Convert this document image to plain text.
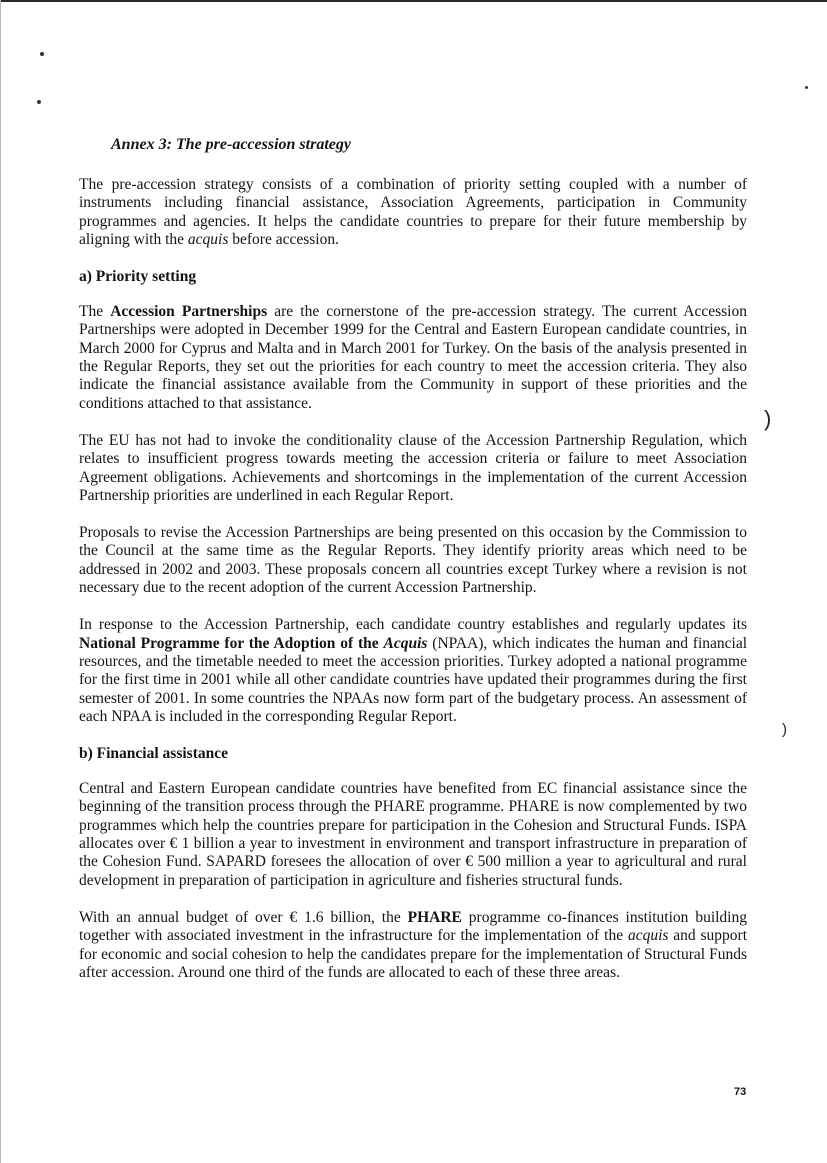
)
)
Annex 3: The pre-accession strategy

The pre-accession strategy consists of a combination of priority setting coupled with a number of instruments including financial assistance, Association Agreements, participation in Community programmes and agencies. It helps the candidate countries to prepare for their future membership by aligning with the acquis before accession.

a) Priority setting

The Accession Partnerships are the cornerstone of the pre-accession strategy. The current Accession Partnerships were adopted in December 1999 for the Central and Eastern European candidate countries, in March 2000 for Cyprus and Malta and in March 2001 for Turkey. On the basis of the analysis presented in the Regular Reports, they set out the priorities for each country to meet the accession criteria. They also indicate the financial assistance available from the Community in support of these priorities and the conditions attached to that assistance.

The EU has not had to invoke the conditionality clause of the Accession Partnership Regulation, which relates to insufficient progress towards meeting the accession criteria or failure to meet Association Agreement obligations. Achievements and shortcomings in the implementation of the current Accession Partnership priorities are underlined in each Regular Report.

Proposals to revise the Accession Partnerships are being presented on this occasion by the Commission to the Council at the same time as the Regular Reports. They identify priority areas which need to be addressed in 2002 and 2003. These proposals concern all countries except Turkey where a revision is not necessary due to the recent adoption of the current Accession Partnership.

In response to the Accession Partnership, each candidate country establishes and regularly updates its National Programme for the Adoption of the Acquis (NPAA), which indicates the human and financial resources, and the timetable needed to meet the accession priorities. Turkey adopted a national programme for the first time in 2001 while all other candidate countries have updated their programmes during the first semester of 2001. In some countries the NPAAs now form part of the budgetary process. An assessment of each NPAA is included in the corresponding Regular Report.

b) Financial assistance

Central and Eastern European candidate countries have benefited from EC financial assistance since the beginning of the transition process through the PHARE programme. PHARE is now complemented by two programmes which help the countries prepare for participation in the Cohesion and Structural Funds. ISPA allocates over € 1 billion a year to investment in environment and transport infrastructure in preparation of the Cohesion Fund. SAPARD foresees the allocation of over € 500 million a year to agricultural and rural development in preparation of participation in agriculture and fisheries structural funds.

With an annual budget of over € 1.6 billion, the PHARE programme co-finances institution building together with associated investment in the infrastructure for the implementation of the acquis and support for economic and social cohesion to help the candidates prepare for the implementation of Structural Funds after accession. Around one third of the funds are allocated to each of these three areas.

73
